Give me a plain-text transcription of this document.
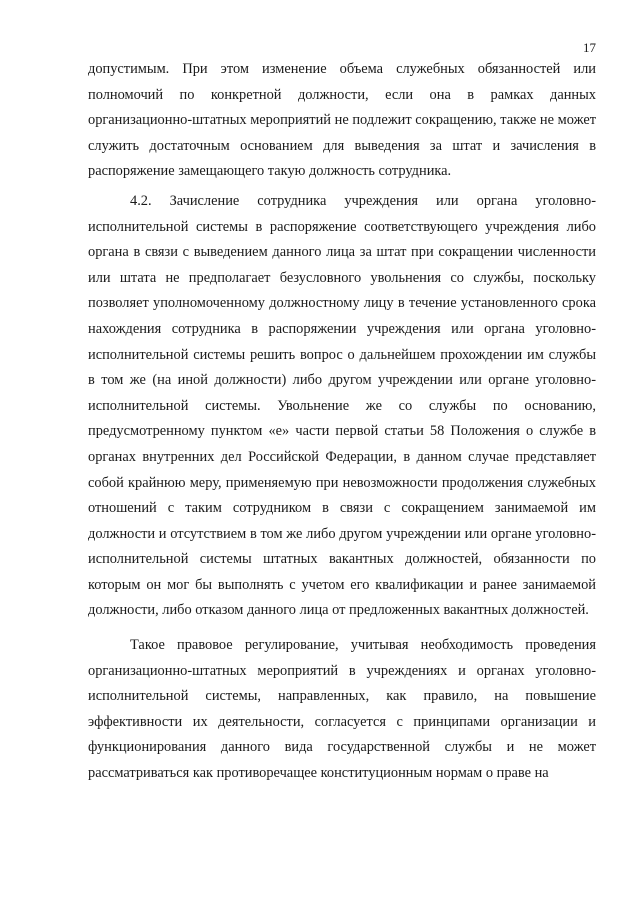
17

допустимым. При этом изменение объема служебных обязанностей или полномочий по конкретной должности, если она в рамках данных организационно-штатных мероприятий не подлежит сокращению, также не может служить достаточным основанием для выведения за штат и зачисления в распоряжение замещающего такую должность сотрудника.

4.2. Зачисление сотрудника учреждения или органа уголовно-исполнительной системы в распоряжение соответствующего учреждения либо органа в связи с выведением данного лица за штат при сокращении численности или штата не предполагает безусловного увольнения со службы, поскольку позволяет уполномоченному должностному лицу в течение установленного срока нахождения сотрудника в распоряжении учреждения или органа уголовно-исполнительной системы решить вопрос о дальнейшем прохождении им службы в том же (на иной должности) либо другом учреждении или органе уголовно-исполнительной системы. Увольнение же со службы по основанию, предусмотренному пунктом «е» части первой статьи 58 Положения о службе в органах внутренних дел Российской Федерации, в данном случае представляет собой крайнюю меру, применяемую при невозможности продолжения служебных отношений с таким сотрудником в связи с сокращением занимаемой им должности и отсутствием в том же либо другом учреждении или органе уголовно-исполнительной системы штатных вакантных должностей, обязанности по которым он мог бы выполнять с учетом его квалификации и ранее занимаемой должности, либо отказом данного лица от предложенных вакантных должностей.

Такое правовое регулирование, учитывая необходимость проведения организационно-штатных мероприятий в учреждениях и органах уголовно-исполнительной системы, направленных, как правило, на повышение эффективности их деятельности, согласуется с принципами организации и функционирования данного вида государственной службы и не может рассматриваться как противоречащее конституционным нормам о праве на
